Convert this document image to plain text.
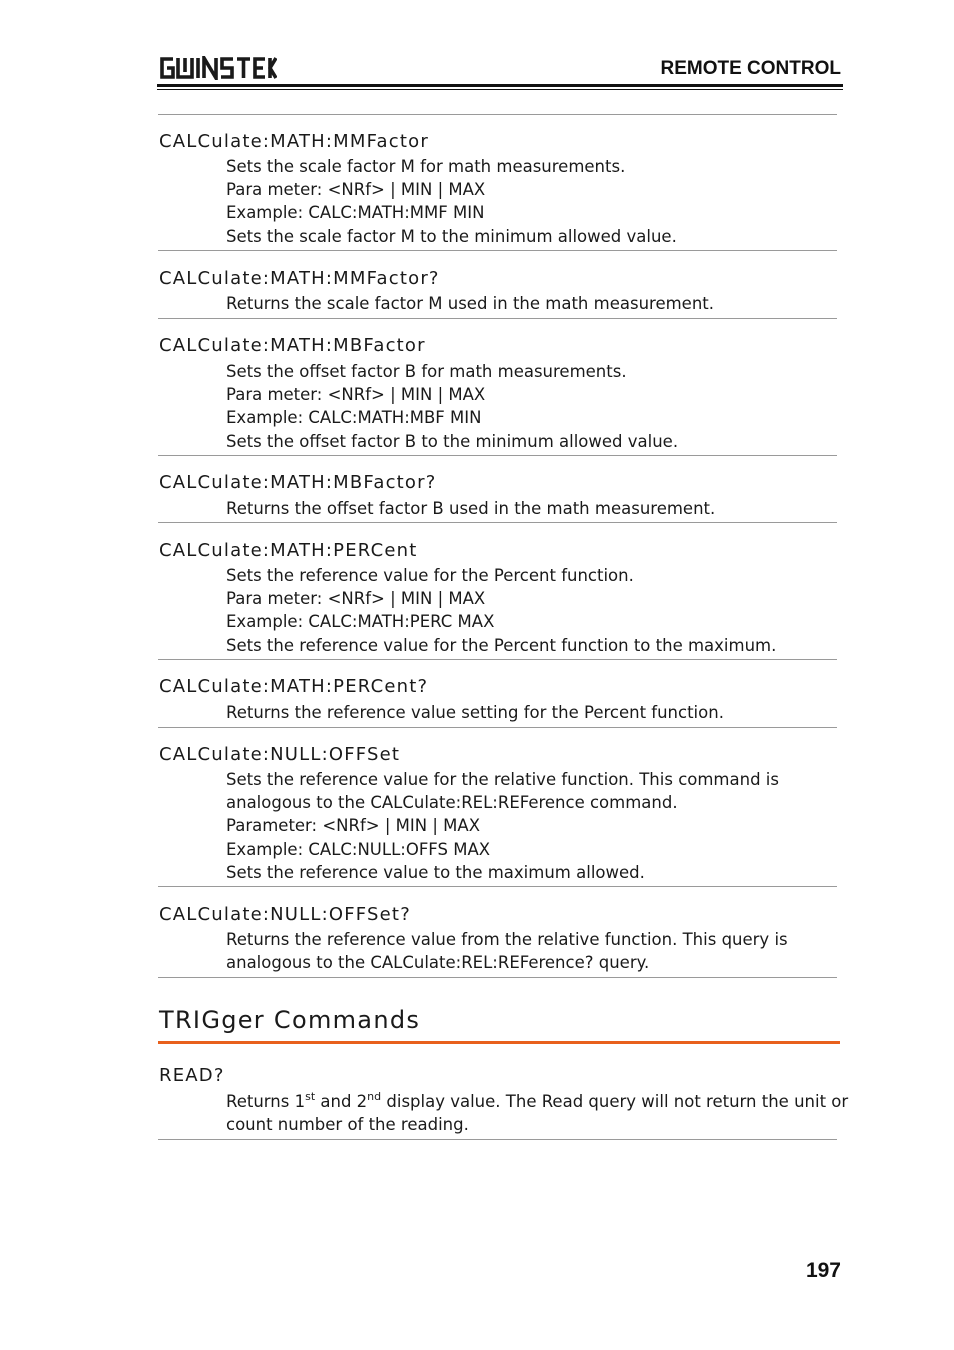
REMOTE CONTROL
CALCulate:MATH:MMFactor
Sets the scale factor M for math measurements.
Para meter: <NRf> | MIN | MAX
Example: CALC:MATH:MMF MIN
Sets the scale factor M to the minimum allowed value.
CALCulate:MATH:MMFactor?
Returns the scale factor M used in the math measurement.
CALCulate:MATH:MBFactor
Sets the offset factor B for math measurements.
Para meter: <NRf> | MIN | MAX
Example: CALC:MATH:MBF MIN
Sets the offset factor B to the minimum allowed value.
CALCulate:MATH:MBFactor?
Returns the offset factor B used in the math measurement.
CALCulate:MATH:PERCent
Sets the reference value for the Percent function.
Para meter: <NRf> | MIN | MAX
Example: CALC:MATH:PERC MAX
Sets the reference value for the Percent function to the maximum.
CALCulate:MATH:PERCent?
Returns the reference value setting for the Percent function.
CALCulate:NULL:OFFSet
Sets the reference value for the relative function. This command is
analogous to the CALCulate:REL:REFerence command.
Parameter: <NRf> | MIN | MAX
Example: CALC:NULL:OFFS MAX
Sets the reference value to the maximum allowed.
CALCulate:NULL:OFFSet?
Returns the reference value from the relative function. This query is
analogous to the CALCulate:REL:REFerence? query.
TRIGger Commands
READ?
Returns 1st and 2nd display value. The Read query will not return the unit or
count number of the reading.
197
